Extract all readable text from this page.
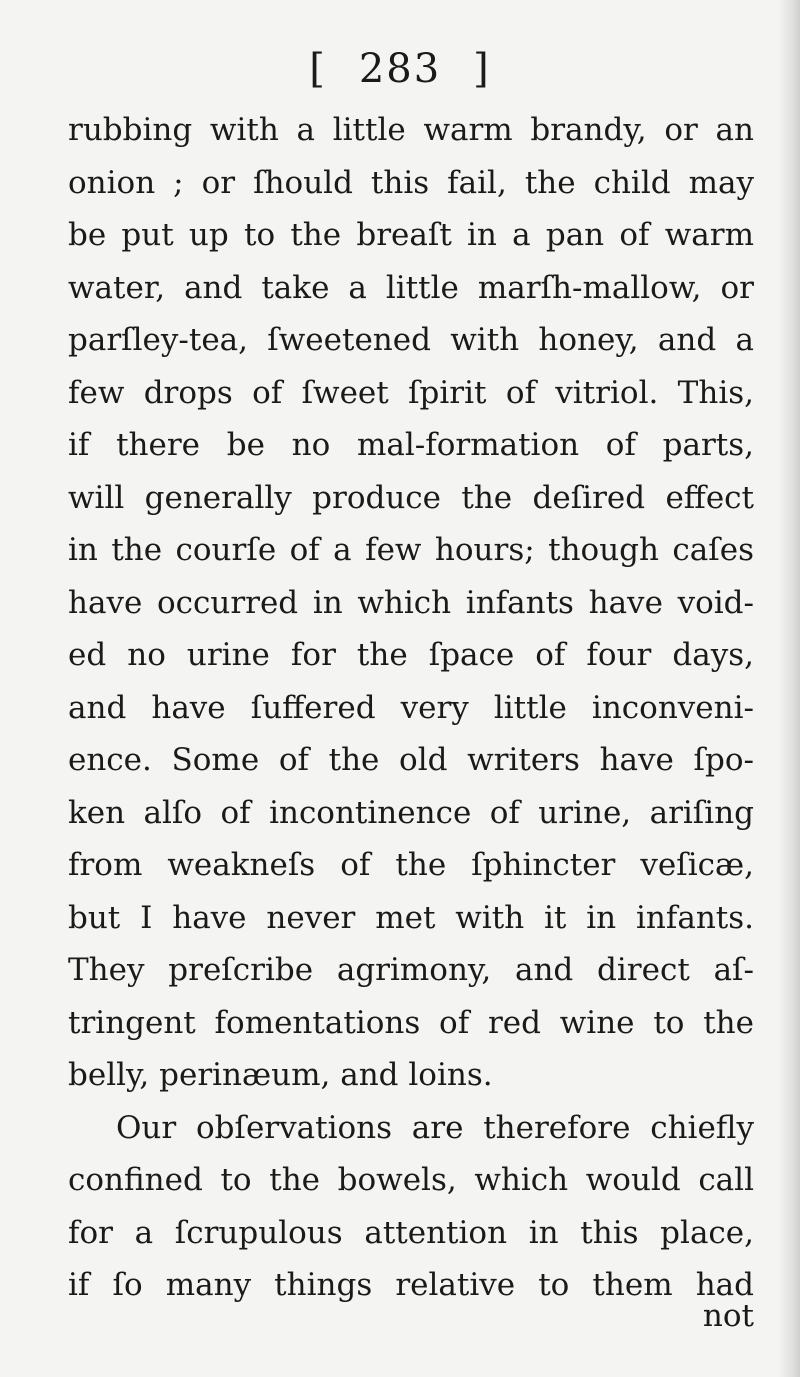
[ 283 ]
rubbing with a little warm brandy, or an
onion ; or ſhould this fail, the child may
be put up to the breaſt in a pan of warm
water, and take a little marſh-mallow, or
parſley-tea, ſweetened with honey, and a
few drops of ſweet ſpirit of vitriol. This,
if there be no mal-formation of parts,
will generally produce the deſired effect
in the courſe of a few hours; though caſes
have occurred in which infants have void-
ed no urine for the ſpace of four days,
and have ſuffered very little inconveni-
ence. Some of the old writers have ſpo-
ken alſo of incontinence of urine, ariſing
from weakneſs of the ſphincter veſicæ,
but I have never met with it in infants.
They preſcribe agrimony, and direct aſ-
tringent fomentations of red wine to the
belly, perinæum, and loins.
Our obſervations are therefore chiefly
confined to the bowels, which would call
for a ſcrupulous attention in this place,
if ſo many things relative to them had
not
